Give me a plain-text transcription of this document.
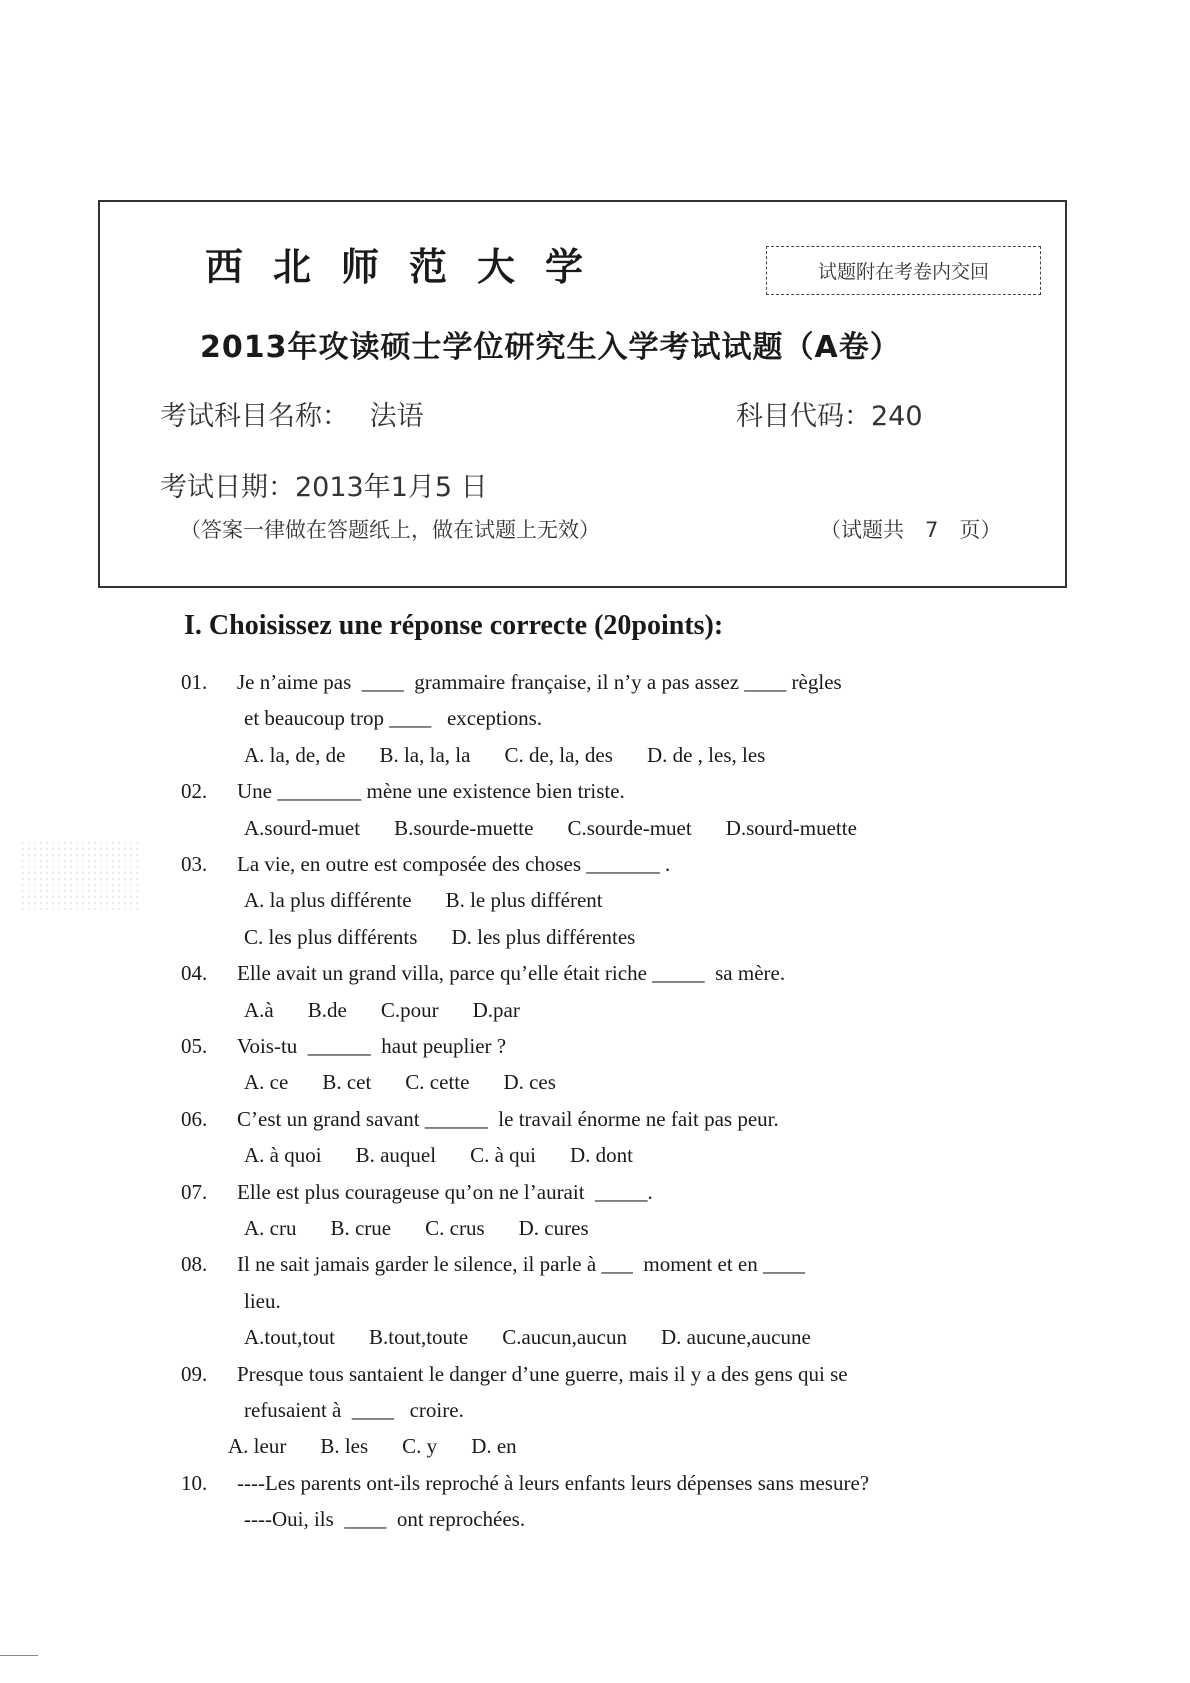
西北师范大学	试题附在考卷内交回
2013年攻读硕士学位研究生入学考试试题（A卷）
考试科目名称： 法语	科目代码：240
考试日期：2013年1月5 日
（答案一律做在答题纸上，做在试题上无效）	（试题共　7　页）
I. Choisissez une réponse correcte (20points):
01. Je n’aime pas  ____  grammaire française, il n’y a pas assez ____ règles
et beaucoup trop ____   exceptions.
A. la, de, de B. la, la, la C. de, la, des D. de , les, les
02. Une ________ mène une existence bien triste.
A.sourd-muet B.sourde-muette C.sourde-muet D.sourd-muette
03. La vie, en outre est composée des choses _______ .
A. la plus différente B. le plus différent
C. les plus différents D. les plus différentes
04. Elle avait un grand villa, parce qu’elle était riche _____  sa mère.
A.à B.de C.pour D.par
05. Vois-tu  ______  haut peuplier ?
A. ce B. cet C. cette D. ces
06. C’est un grand savant ______  le travail énorme ne fait pas peur.
A. à quoi B. auquel C. à qui D. dont
07. Elle est plus courageuse qu’on ne l’aurait  _____.
A. cru B. crue C. crus D. cures
08. Il ne sait jamais garder le silence, il parle à ___  moment et en ____
lieu.
A.tout,tout B.tout,toute C.aucun,aucun D. aucune,aucune
09. Presque tous santaient le danger d’une guerre, mais il y a des gens qui se
refusaient à  ____   croire.
A. leur B. les C. y D. en
10. ----Les parents ont-ils reproché à leurs enfants leurs dépenses sans mesure?
----Oui, ils  ____  ont reprochées.
